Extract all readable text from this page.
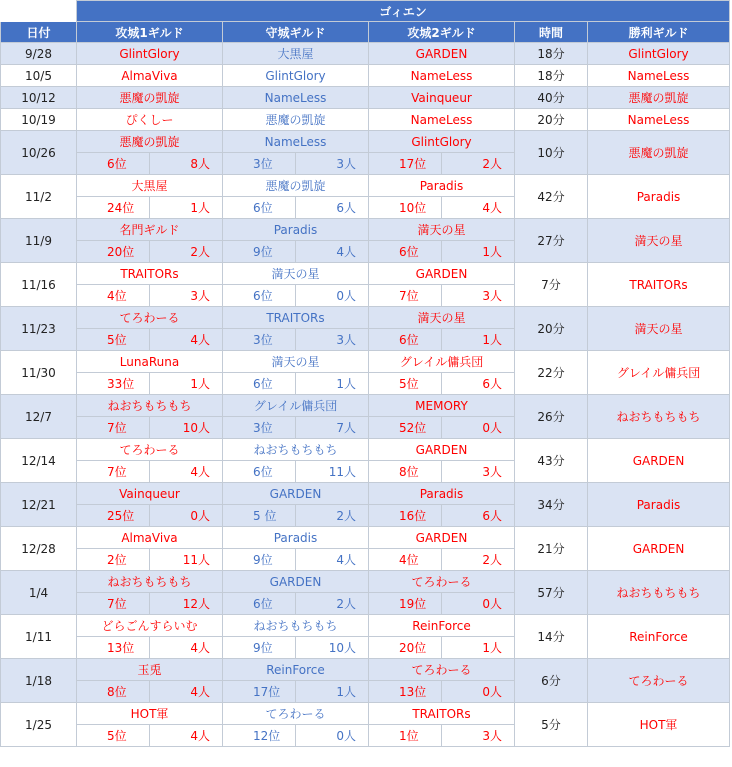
	ゴィエン							
日付	攻城1ギルド		守城ギルド		攻城2ギルド		時間	勝利ギルド
9/28	GlintGlory		大黒屋		GARDEN		18分	GlintGlory
10/5	AlmaViva		GlintGlory		NameLess		18分	NameLess
10/12	悪魔の凱旋		NameLess		Vainqueur		40分	悪魔の凱旋
10/19	ぴくしー		悪魔の凱旋		NameLess		20分	NameLess
10/26	悪魔の凱旋		NameLess		GlintGlory		10分	悪魔の凱旋
	6位	8人	3位	3人	17位	2人		
11/2	大黒屋		悪魔の凱旋		Paradis		42分	Paradis
	24位	1人	6位	6人	10位	4人		
11/9	名門ギルド		Paradis		満天の星		27分	満天の星
	20位	2人	9位	4人	6位	1人		
11/16	TRAITORs		満天の星		GARDEN		7分	TRAITORs
	4位	3人	6位	0人	7位	3人		
11/23	てろわーる		TRAITORs		満天の星		20分	満天の星
	5位	4人	3位	3人	6位	1人		
11/30	LunaRuna		満天の星		グレイル傭兵団		22分	グレイル傭兵団
	33位	1人	6位	1人	5位	6人		
12/7	ねおちもちもち		グレイル傭兵団		MEMORY		26分	ねおちもちもち
	7位	10人	3位	7人	52位	0人		
12/14	てろわーる		ねおちもちもち		GARDEN		43分	GARDEN
	7位	4人	6位	11人	8位	3人		
12/21	Vainqueur		GARDEN		Paradis		34分	Paradis
	25位	0人	5 位	2人	16位	6人		
12/28	AlmaViva		Paradis		GARDEN		21分	GARDEN
	2位	11人	9位	4人	4位	2人		
1/4	ねおちもちもち		GARDEN		てろわーる		57分	ねおちもちもち
	7位	12人	6位	2人	19位	0人		
1/11	どらごんすらいむ		ねおちもちもち		ReinForce		14分	ReinForce
	13位	4人	9位	10人	20位	1人		
1/18	玉兎		ReinForce		てろわーる		6分	てろわーる
	8位	4人	17位	1人	13位	0人		
1/25	HOT軍		てろわーる		TRAITORs		5分	HOT軍
	5位	4人	12位	0人	1位	3人		
